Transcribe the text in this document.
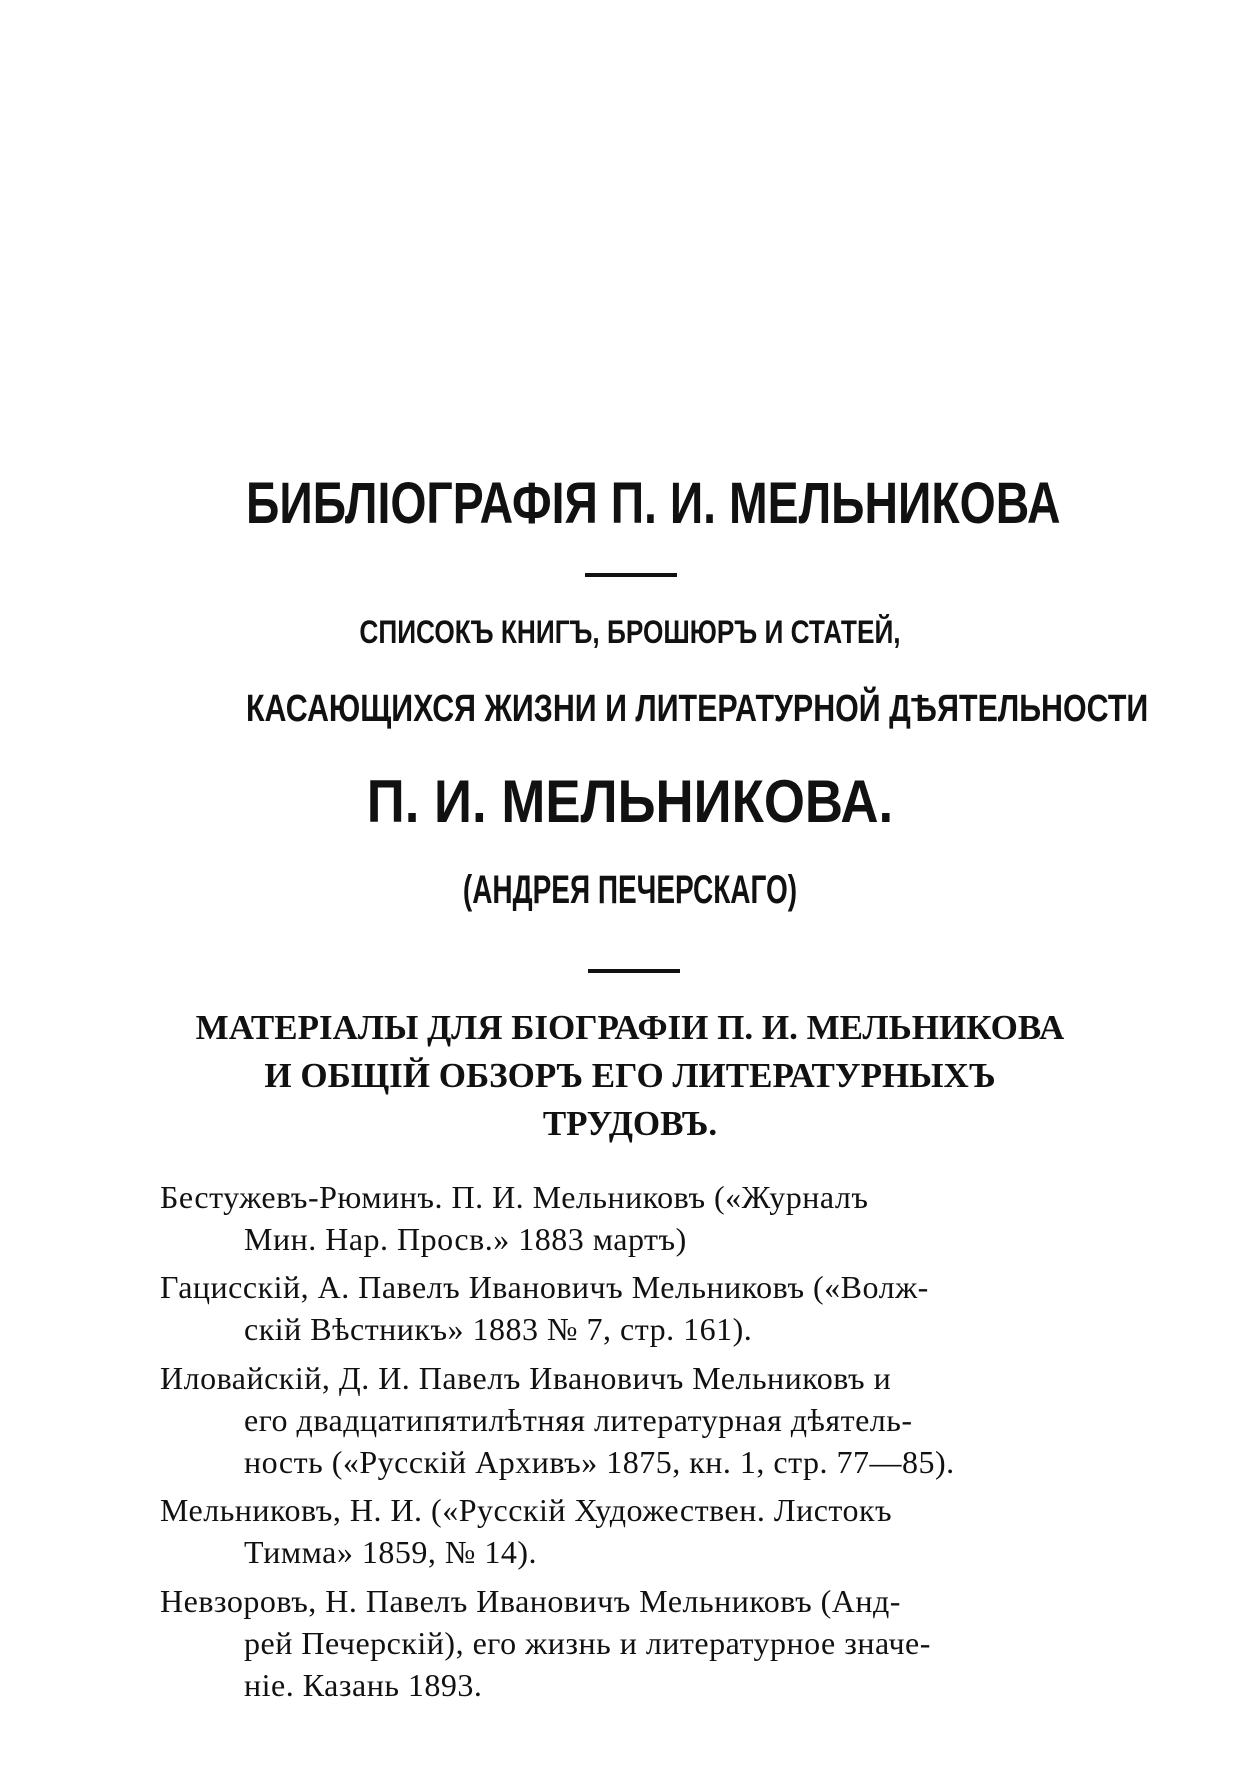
БИБЛІОГРАФІЯ П. И. МЕЛЬНИКОВА
СПИСОКЪ КНИГЪ, БРОШЮРЪ И СТАТЕЙ,
КАСАЮЩИХСЯ ЖИЗНИ И ЛИТЕРАТУРНОЙ ДѢЯТЕЛЬНОСТИ
П. И. МЕЛЬНИКОВА.
(АНДРЕЯ ПЕЧЕРСКАГО)
МАТЕРІАЛЫ ДЛЯ БІОГРАФІИ П. И. МЕЛЬНИКОВА
И ОБЩІЙ ОБЗОРЪ ЕГО ЛИТЕРАТУРНЫХЪ
ТРУДОВЪ.
Бестужевъ-Рюминъ. П. И. Мельниковъ («Журналъ
Мин. Нар. Просв.» 1883 мартъ)
Гацисскій, А. Павелъ Ивановичъ Мельниковъ («Волж-
скій Вѣстникъ» 1883 № 7, стр. 161).
Иловайскій, Д. И. Павелъ Ивановичъ Мельниковъ и
его двадцатипятилѣтняя литературная дѣятель-
ность («Русскій Архивъ» 1875, кн. 1, стр. 77—85).
Мельниковъ, Н. И. («Русскій Художествен. Листокъ
Тимма» 1859, № 14).
Невзоровъ, Н. Павелъ Ивановичъ Мельниковъ (Анд-
рей Печерскій), его жизнь и литературное значе-
ніе. Казань 1893.
